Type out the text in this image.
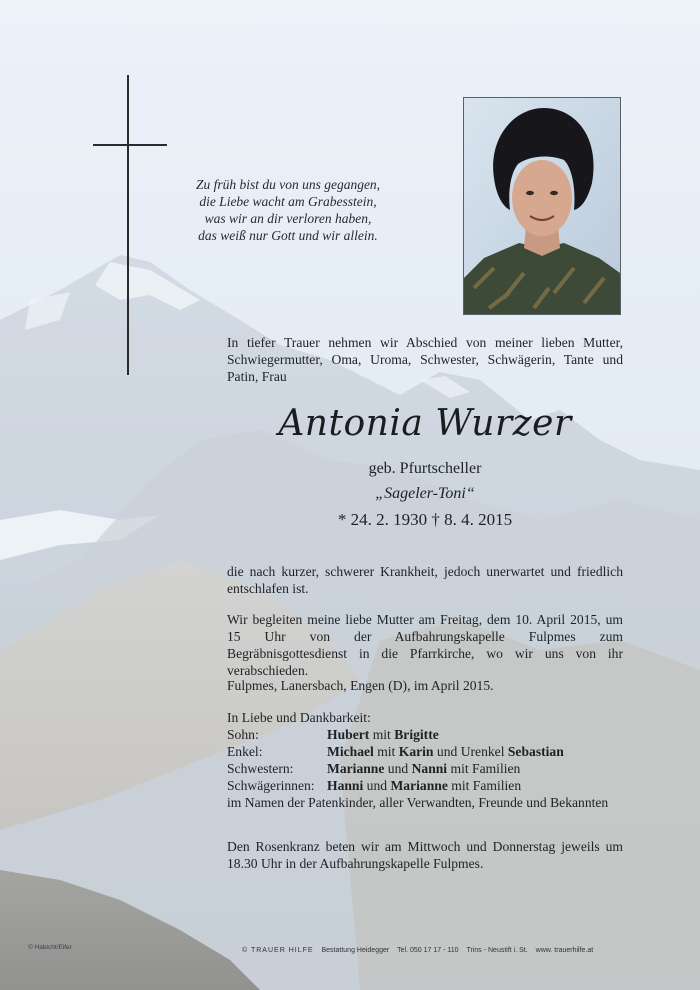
Zu früh bist du von uns gegangen,
die Liebe wacht am Grabesstein,
was wir an dir verloren haben,
das weiß nur Gott und wir allein.
In tiefer Trauer nehmen wir Abschied von meiner lieben Mutter, Schwiegermutter, Oma, Uroma, Schwester, Schwägerin, Tante und Patin, Frau
Antonia Wurzer
geb. Pfurtscheller
„Sageler-Toni“
* 24. 2. 1930 † 8. 4. 2015
die nach kurzer, schwerer Krankheit, jedoch unerwartet und friedlich entschlafen ist.
Wir begleiten meine liebe Mutter am Freitag, dem 10. April 2015, um 15 Uhr von der Aufbahrungskapelle Fulpmes zum Begräbnisgottesdienst in die Pfarrkirche, wo wir uns von ihr verabschieden.
Fulpmes, Lanersbach, Engen (D), im April 2015.
In Liebe und Dankbarkeit:
Sohn:	Hubert mit Brigitte
Enkel:	Michael mit Karin und Urenkel Sebastian
Schwestern: Marianne und Nanni mit Familien
Schwägerinnen: Hanni und Marianne mit Familien
im Namen der Patenkinder, aller Verwandten, Freunde und Bekannten
Den Rosenkranz beten wir am Mittwoch und Donnerstag jeweils um 18.30 Uhr in der Aufbahrungskapelle Fulpmes.
© Habicht/Elfer	© TRAUER HILFE Bestattung Heidegger Tel. 050 17 17 - 110 Trins - Neustift i. St. www. trauerhilfe.at
